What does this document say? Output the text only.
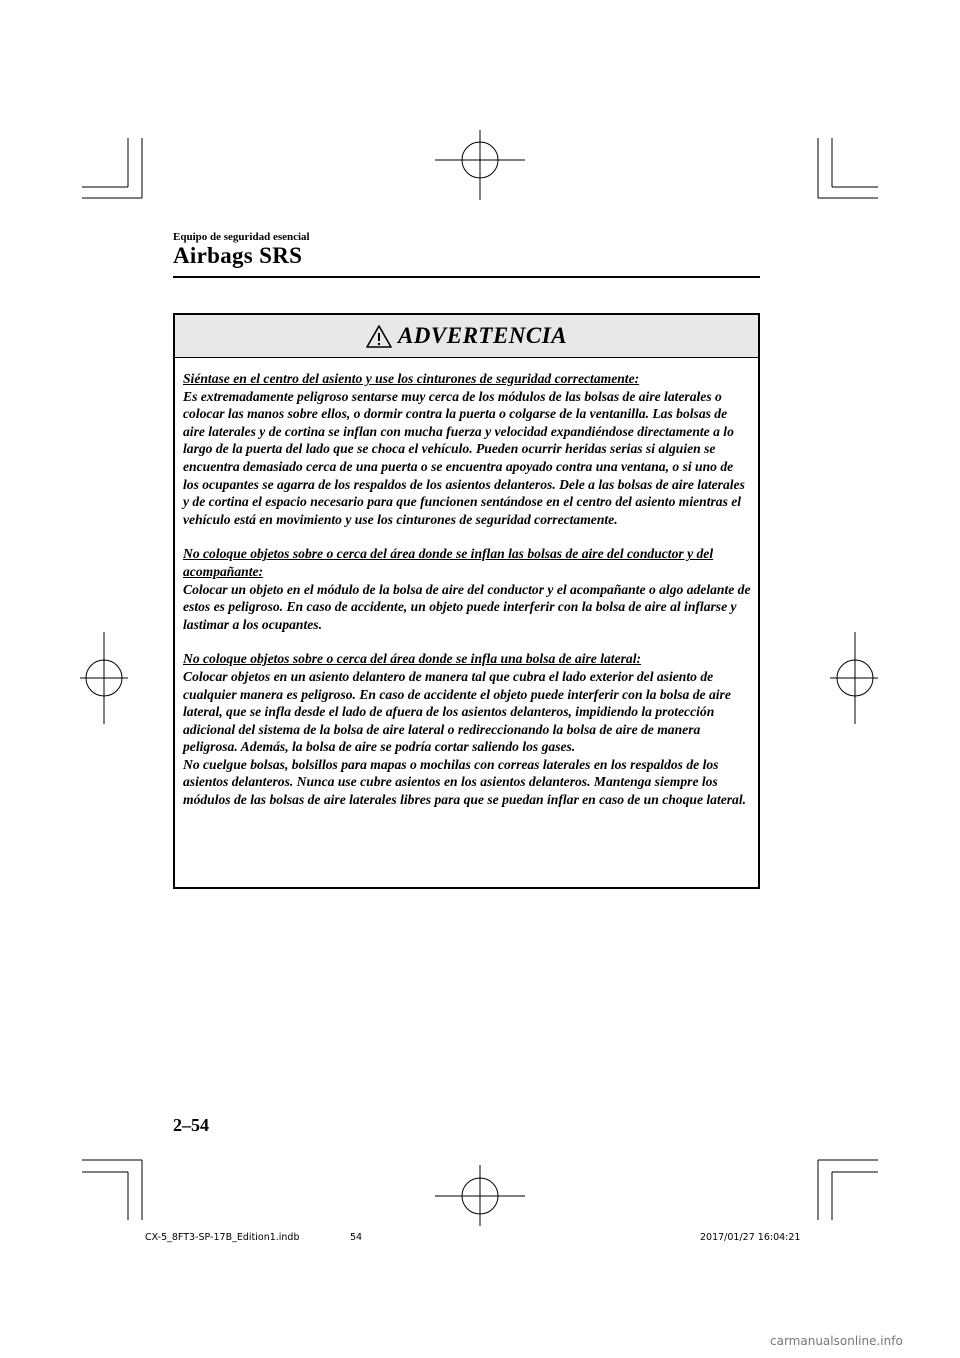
Equipo de seguridad esencial
Airbags SRS
ADVERTENCIA

Siéntase en el centro del asiento y use los cinturones de seguridad correctamente:
Es extremadamente peligroso sentarse muy cerca de los módulos de las bolsas de aire laterales o colocar las manos sobre ellos, o dormir contra la puerta o colgarse de la ventanilla. Las bolsas de aire laterales y de cortina se inflan con mucha fuerza y velocidad expandiéndose directamente a lo largo de la puerta del lado que se choca el vehículo. Pueden ocurrir heridas serias si alguien se encuentra demasiado cerca de una puerta o se encuentra apoyado contra una ventana, o si uno de los ocupantes se agarra de los respaldos de los asientos delanteros. Dele a las bolsas de aire laterales y de cortina el espacio necesario para que funcionen sentándose en el centro del asiento mientras el vehículo está en movimiento y use los cinturones de seguridad correctamente.

No coloque objetos sobre o cerca del área donde se inflan las bolsas de aire del conductor y del acompañante:
Colocar un objeto en el módulo de la bolsa de aire del conductor y el acompañante o algo adelante de estos es peligroso. En caso de accidente, un objeto puede interferir con la bolsa de aire al inflarse y lastimar a los ocupantes.

No coloque objetos sobre o cerca del área donde se infla una bolsa de aire lateral:
Colocar objetos en un asiento delantero de manera tal que cubra el lado exterior del asiento de cualquier manera es peligroso. En caso de accidente el objeto puede interferir con la bolsa de aire lateral, que se infla desde el lado de afuera de los asientos delanteros, impidiendo la protección adicional del sistema de la bolsa de aire lateral o redireccionando la bolsa de aire de manera peligrosa. Además, la bolsa de aire se podría cortar saliendo los gases.
No cuelgue bolsas, bolsillos para mapas o mochilas con correas laterales en los respaldos de los asientos delanteros. Nunca use cubre asientos en los asientos delanteros. Mantenga siempre los módulos de las bolsas de aire laterales libres para que se puedan inflar en caso de un choque lateral.

2–54
CX-5_8FT3-SP-17B_Edition1.indb	54	2017/01/27 16:04:21
carmanualsonline.info
